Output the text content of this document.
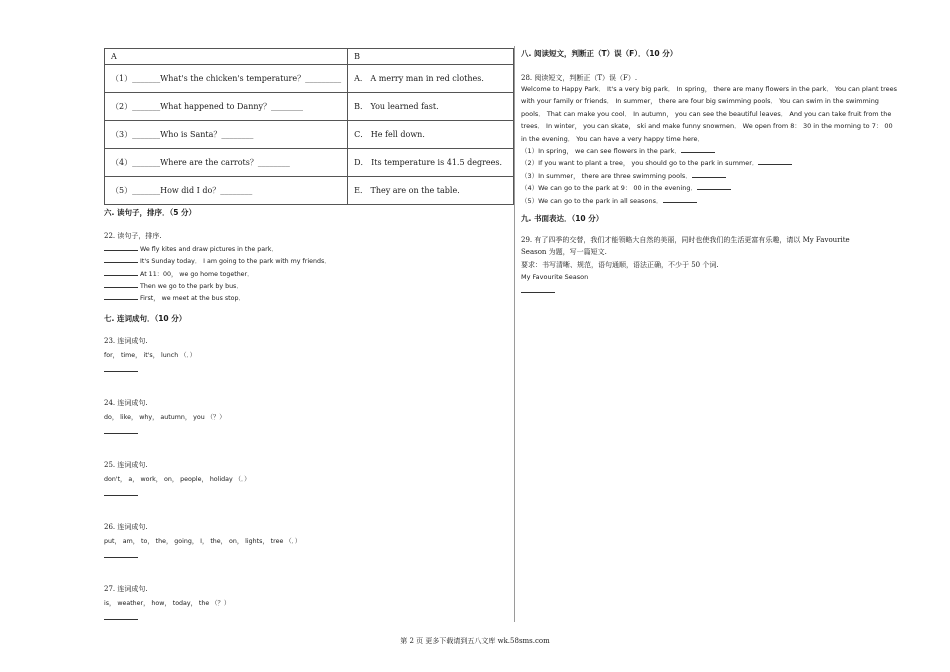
A	B
（1）_______What's the chicken's temperature？_________	A． A merry man in red clothes．
（2）_______What happened to Danny？________	B． You learned fast．
（3）_______Who is Santa？________	C． He fell down．
（4）_______Where are the carrots？________	D． Its temperature is 41.5 degrees．
（5）_______How did I do？________	E． They are on the table．

六. 读句子，排序．（5 分）

22. 读句子，排序.

We fly kites and draw pictures in the park．
It's Sunday today． I am going to the park with my friends．
At 11：00， we go home together．
Then we go to the park by bus．
First， we meet at the bus stop．

七. 连词成句．（10 分）

23. 连词成句.

for， time， it's， lunch （．）

24. 连词成句.

do， like， why， autumn， you （？）

25. 连词成句.

don't， a， work， on， people， holiday （．）

26. 连词成句.

put， am， to， the， going， I， the， on， lights， tree （．）

27. 连词成句.

is， weather， how， today， the （？）

八. 阅读短文，判断正（T）误（F）．（10 分）

28. 阅读短文，判断正（T）误（F）.

Welcome to Happy Park． It's a very big park． In spring， there are many flowers in the park． You can plant trees
with your family or friends． In summer， there are four big swimming pools． You can swim in the swimming
pools． That can make you cool． In autumn， you can see the beautiful leaves． And you can take fruit from the
trees． In winter， you can skate， ski and make funny snowmen． We open from 8： 30 in the morning to 7： 00
in the evening． You can have a very happy time here．
（1）In spring， we can see flowers in the park．
（2）If you want to plant a tree， you should go to the park in summer．
（3）In summer， there are three swimming pools．
（4）We can go to the park at 9： 00 in the evening．
（5）We can go to the park in all seasons．

九. 书面表达．（10 分）

29. 有了四季的交替，我们才能领略大自然的美丽，同时也使我们的生活更富有乐趣，请以 My Favourite
Season 为题，写一篇短文.
要求：书写清晰、规范，语句通顺，语法正确，不少于 50 个词.
My Favourite Season
第 2 页 更多下载请到五八文库 wk.58sms.com
